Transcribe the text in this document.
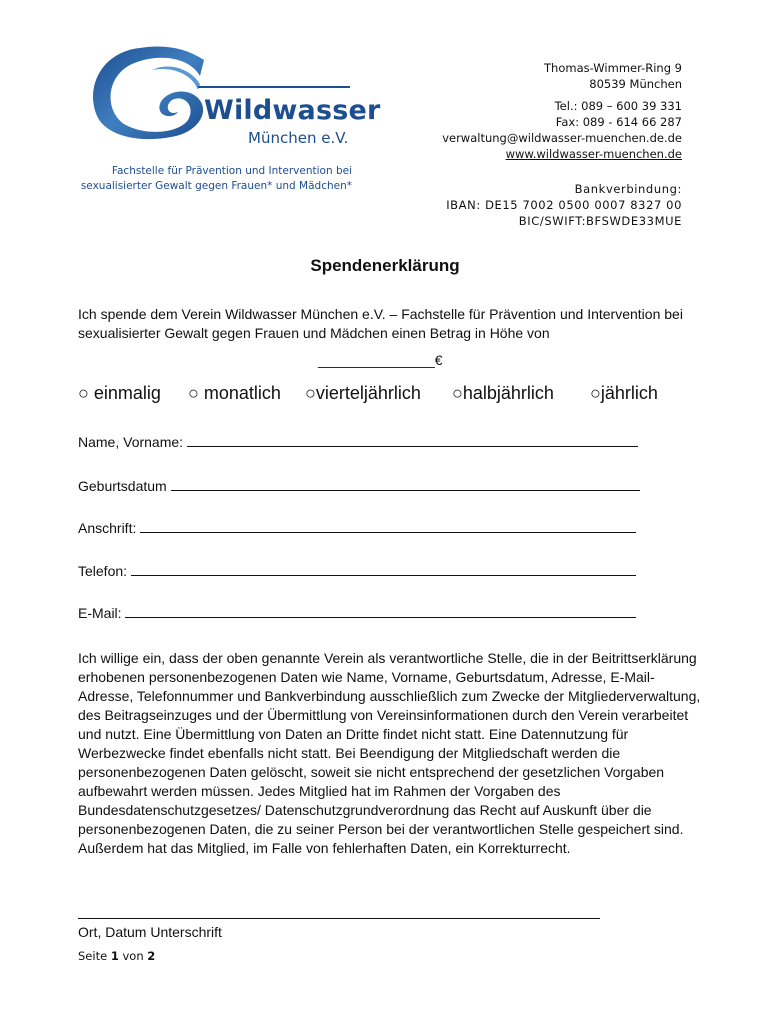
Wildwasser
München e.V.
Fachstelle für Prävention und Intervention bei
sexualisierter Gewalt gegen Frauen* und Mädchen*
Thomas-Wimmer-Ring 9
80539 München
Tel.: 089 – 600 39 331
Fax: 089 - 614 66 287
verwaltung@wildwasser-muenchen.de.de
www.wildwasser-muenchen.de
Bankverbindung:
IBAN: DE15 7002 0500 0007 8327 00
BIC/SWIFT:BFSWDE33MUE
Spendenerklärung
Ich spende dem Verein Wildwasser München e.V. – Fachstelle für Prävention und Intervention bei sexualisierter Gewalt gegen Frauen und Mädchen einen Betrag in Höhe von
_______________€
○ einmalig ○ monatlich ○vierteljährlich ○halbjährlich ○jährlich
Name, Vorname:
Geburtsdatum
Anschrift:
Telefon:
E-Mail:
Ich willige ein, dass der oben genannte Verein als verantwortliche Stelle, die in der Beitrittserklärung erhobenen personenbezogenen Daten wie Name, Vorname, Geburtsdatum, Adresse, E-Mail-Adresse, Telefonnummer und Bankverbindung ausschließlich zum Zwecke der Mitgliederverwaltung, des Beitragseinzuges und der Übermittlung von Vereinsinformationen durch den Verein verarbeitet und nutzt. Eine Übermittlung von Daten an Dritte findet nicht statt. Eine Datennutzung für Werbezwecke findet ebenfalls nicht statt. Bei Beendigung der Mitgliedschaft werden die personenbezogenen Daten gelöscht, soweit sie nicht entsprechend der gesetzlichen Vorgaben aufbewahrt werden müssen. Jedes Mitglied hat im Rahmen der Vorgaben des Bundesdatenschutzgesetzes/ Datenschutzgrundverordnung das Recht auf Auskunft über die personenbezogenen Daten, die zu seiner Person bei der verantwortlichen Stelle gespeichert sind. Außerdem hat das Mitglied, im Falle von fehlerhaften Daten, ein Korrekturrecht.
Ort, Datum Unterschrift
Seite 1 von 2
